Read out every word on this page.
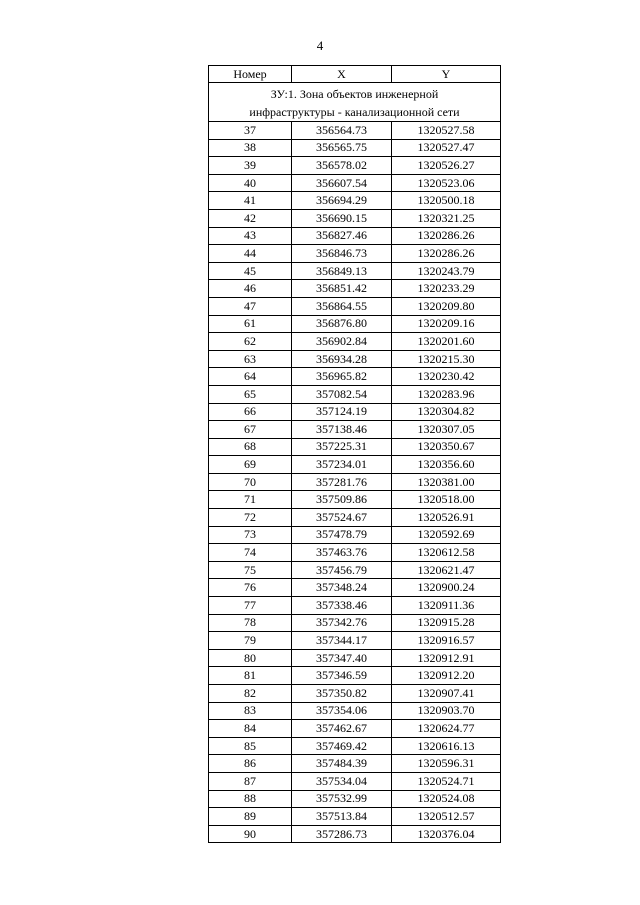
4
Номер	X	Y
ЗУ:1. Зона объектов инженерной
инфраструктуры - канализационной сети		
37	356564.73	1320527.58
38	356565.75	1320527.47
39	356578.02	1320526.27
40	356607.54	1320523.06
41	356694.29	1320500.18
42	356690.15	1320321.25
43	356827.46	1320286.26
44	356846.73	1320286.26
45	356849.13	1320243.79
46	356851.42	1320233.29
47	356864.55	1320209.80
61	356876.80	1320209.16
62	356902.84	1320201.60
63	356934.28	1320215.30
64	356965.82	1320230.42
65	357082.54	1320283.96
66	357124.19	1320304.82
67	357138.46	1320307.05
68	357225.31	1320350.67
69	357234.01	1320356.60
70	357281.76	1320381.00
71	357509.86	1320518.00
72	357524.67	1320526.91
73	357478.79	1320592.69
74	357463.76	1320612.58
75	357456.79	1320621.47
76	357348.24	1320900.24
77	357338.46	1320911.36
78	357342.76	1320915.28
79	357344.17	1320916.57
80	357347.40	1320912.91
81	357346.59	1320912.20
82	357350.82	1320907.41
83	357354.06	1320903.70
84	357462.67	1320624.77
85	357469.42	1320616.13
86	357484.39	1320596.31
87	357534.04	1320524.71
88	357532.99	1320524.08
89	357513.84	1320512.57
90	357286.73	1320376.04
